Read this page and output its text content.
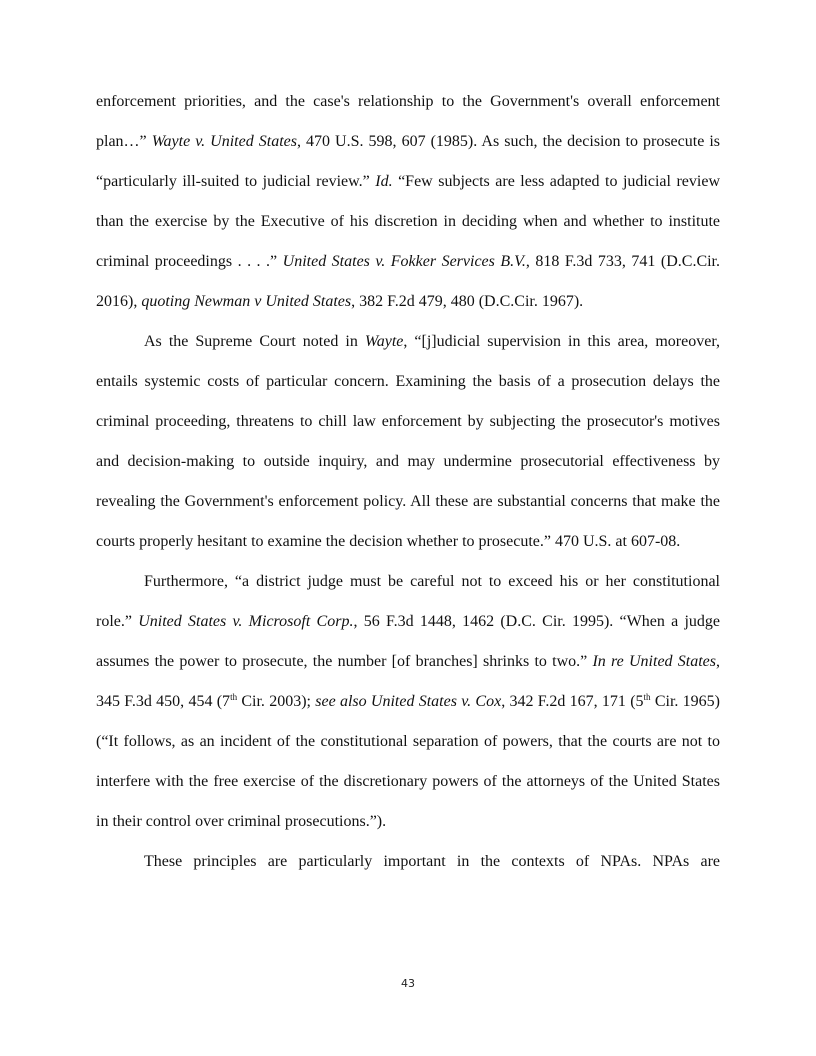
enforcement priorities, and the case's relationship to the Government's overall enforcement plan…” Wayte v. United States, 470 U.S. 598, 607 (1985). As such, the decision to prosecute is “particularly ill-suited to judicial review.” Id. “Few subjects are less adapted to judicial review than the exercise by the Executive of his discretion in deciding when and whether to institute criminal proceedings . . . .” United States v. Fokker Services B.V., 818 F.3d 733, 741 (D.C.Cir. 2016), quoting Newman v United States, 382 F.2d 479, 480 (D.C.Cir. 1967).

As the Supreme Court noted in Wayte, “[j]udicial supervision in this area, moreover, entails systemic costs of particular concern. Examining the basis of a prosecution delays the criminal proceeding, threatens to chill law enforcement by subjecting the prosecutor's motives and decision-making to outside inquiry, and may undermine prosecutorial effectiveness by revealing the Government's enforcement policy. All these are substantial concerns that make the courts properly hesitant to examine the decision whether to prosecute.” 470 U.S. at 607-08.

Furthermore, “a district judge must be careful not to exceed his or her constitutional role.” United States v. Microsoft Corp., 56 F.3d 1448, 1462 (D.C. Cir. 1995). “When a judge assumes the power to prosecute, the number [of branches] shrinks to two.” In re United States, 345 F.3d 450, 454 (7th Cir. 2003); see also United States v. Cox, 342 F.2d 167, 171 (5th Cir. 1965) (“It follows, as an incident of the constitutional separation of powers, that the courts are not to interfere with the free exercise of the discretionary powers of the attorneys of the United States in their control over criminal prosecutions.”).

These principles are particularly important in the contexts of NPAs. NPAs are

43
